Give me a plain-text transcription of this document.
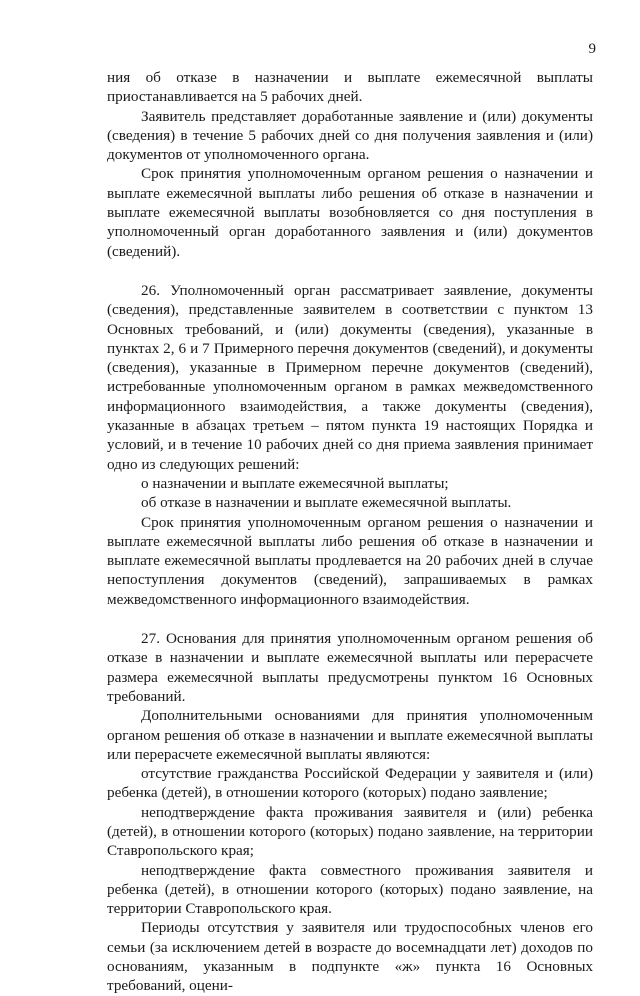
9

ния об отказе в назначении и выплате ежемесячной выплаты приостанавливается на 5 рабочих дней.

Заявитель представляет доработанные заявление и (или) документы (сведения) в течение 5 рабочих дней со дня получения заявления и (или) документов от уполномоченного органа.

Срок принятия уполномоченным органом решения о назначении и выплате ежемесячной выплаты либо решения об отказе в назначении и выплате ежемесячной выплаты возобновляется со дня поступления в уполномоченный орган доработанного заявления и (или) документов (сведений).

26. Уполномоченный орган рассматривает заявление, документы (сведения), представленные заявителем в соответствии с пунктом 13 Основных требований, и (или) документы (сведения), указанные в пунктах 2, 6 и 7 Примерного перечня документов (сведений), и документы (сведения), указанные в Примерном перечне документов (сведений), истребованные уполномоченным органом в рамках межведомственного информационного взаимодействия, а также документы (сведения), указанные в абзацах третьем – пятом пункта 19 настоящих Порядка и условий, и в течение 10 рабочих дней со дня приема заявления принимает одно из следующих решений:

о назначении и выплате ежемесячной выплаты;

об отказе в назначении и выплате ежемесячной выплаты.

Срок принятия уполномоченным органом решения о назначении и выплате ежемесячной выплаты либо решения об отказе в назначении и выплате ежемесячной выплаты продлевается на 20 рабочих дней в случае непоступления документов (сведений), запрашиваемых в рамках межведомственного информационного взаимодействия.

27. Основания для принятия уполномоченным органом решения об отказе в назначении и выплате ежемесячной выплаты или перерасчете размера ежемесячной выплаты предусмотрены пунктом 16 Основных требований.

Дополнительными основаниями для принятия уполномоченным органом решения об отказе в назначении и выплате ежемесячной выплаты или перерасчете ежемесячной выплаты являются:

отсутствие гражданства Российской Федерации у заявителя и (или) ребенка (детей), в отношении которого (которых) подано заявление;

неподтверждение факта проживания заявителя и (или) ребенка (детей), в отношении которого (которых) подано заявление, на территории Ставропольского края;

неподтверждение факта совместного проживания заявителя и ребенка (детей), в отношении которого (которых) подано заявление, на территории Ставропольского края.

Периоды отсутствия у заявителя или трудоспособных членов его семьи (за исключением детей в возрасте до восемнадцати лет) доходов по основаниям, указанным в подпункте «ж» пункта 16 Основных требований, оцени-
